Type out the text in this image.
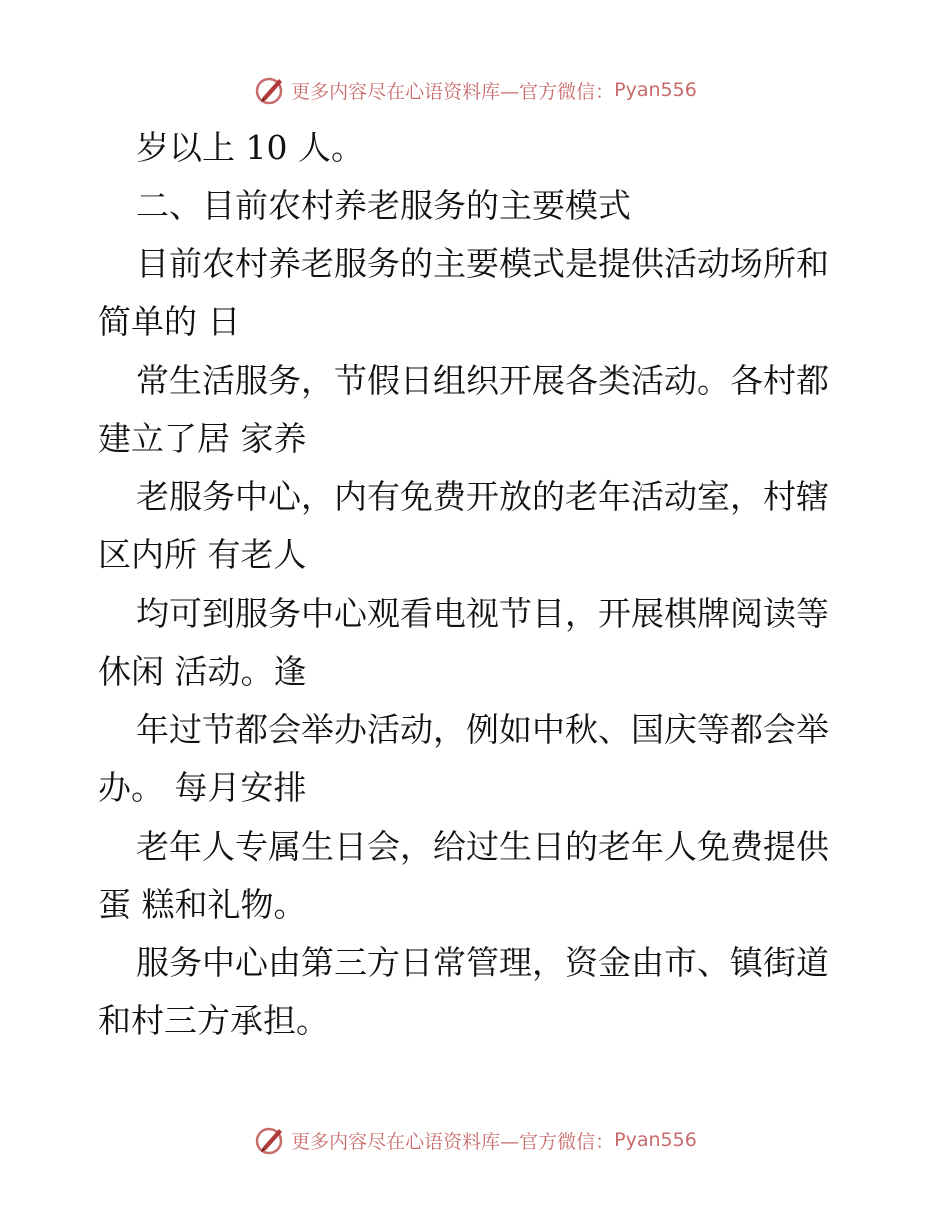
更多内容尽在心语资料库—官方微信： Pyan556
岁以上 10 人。
二、目前农村养老服务的主要模式
目前农村养老服务的主要模式是提供活动场所和
简单的 日
常生活服务，节假日组织开展各类活动。各村都
建立了居 家养
老服务中心，内有免费开放的老年活动室，村辖
区内所 有老人
均可到服务中心观看电视节目，开展棋牌阅读等
休闲 活动。逢
年过节都会举办活动，例如中秋、国庆等都会举
办。 每月安排
老年人专属生日会，给过生日的老年人免费提供
蛋 糕和礼物。
服务中心由第三方日常管理，资金由市、镇街道
和村三方承担。
更多内容尽在心语资料库—官方微信： Pyan556
